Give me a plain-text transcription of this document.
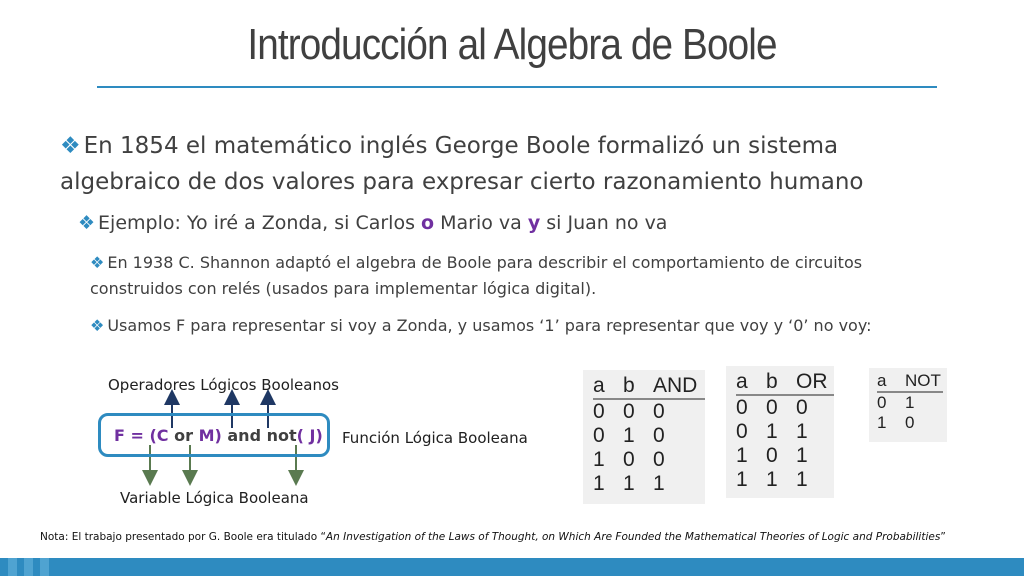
Introducción al Algebra de Boole
❖ En 1854 el matemático inglés George Boole formalizó un sistema algebraico de dos valores para expresar cierto razonamiento humano
❖ Ejemplo: Yo iré a Zonda, si Carlos o Mario va y si Juan no va
❖ En 1938 C. Shannon adaptó el algebra de Boole para describir el comportamiento de circuitos construidos con relés (usados para implementar lógica digital).
❖ Usamos F para representar si voy a Zonda, y usamos ‘1’ para representar que voy y ‘0’ no voy:
Operadores Lógicos Booleanos
F = (C or M) and not( J) Función Lógica Booleana
Variable Lógica Booleana
a	b	AND
0	0	0
0	1	0
1	0	0
1	1	1
a	b	OR
0	0	0
0	1	1
1	0	1
1	1	1
a	NOT
0	1
1	0
Nota: El trabajo presentado por G. Boole era titulado “An Investigation of the Laws of Thought, on Which Are Founded the Mathematical Theories of Logic and Probabilities”
